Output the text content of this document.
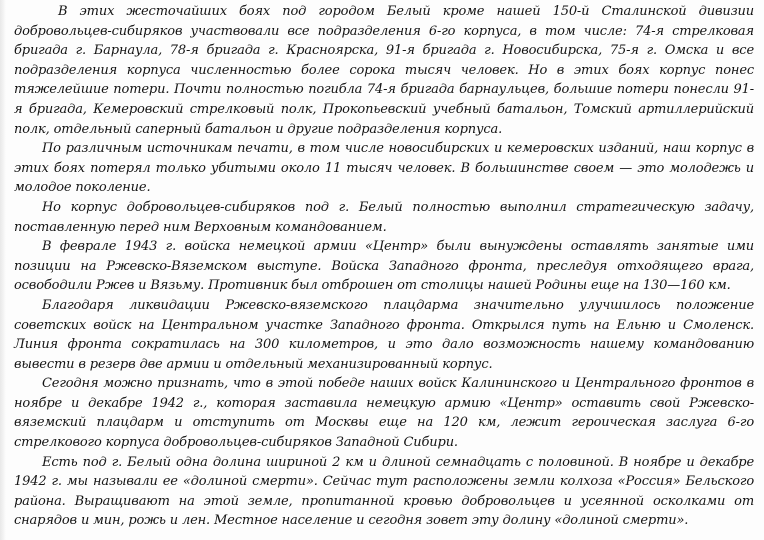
В этих жесточайших боях под городом Белый кроме нашей 150-й Сталинской дивизии добровольцев-сибиряков участвовали все подразделения 6-го корпуса, в том числе: 74-я стрелковая бригада г. Барнаула, 78-я бригада г. Красноярска, 91-я бригада г. Новосибирска, 75-я г. Омска и все подразделения корпуса численностью более сорока тысяч человек. Но в этих боях корпус понес тяжелейшие потери. Почти полностью погибла 74-я бригада барнаульцев, большие потери понесли 91-я бригада, Кемеровский стрелковый полк, Прокопьевский учебный батальон, Томский артиллерийский полк, отдельный саперный батальон и другие подразделения корпуса.

По различным источникам печати, в том числе новосибирских и кемеровских изданий, наш корпус в этих боях потерял только убитыми около 11 тысяч человек. В большинстве своем — это молодежь и молодое поколение.

Но корпус добровольцев-сибиряков под г. Белый полностью выполнил стратегическую задачу, поставленную перед ним Верховным командованием.

В феврале 1943 г. войска немецкой армии «Центр» были вынуждены оставлять занятые ими позиции на Ржевско-Вяземском выступе. Войска Западного фронта, преследуя отходящего врага, освободили Ржев и Вязьму. Противник был отброшен от столицы нашей Родины еще на 130—160 км.

Благодаря ликвидации Ржевско-вяземского плацдарма значительно улучшилось положение советских войск на Центральном участке Западного фронта. Открылся путь на Ельню и Смоленск. Линия фронта сократилась на 300 километров, и это дало возможность нашему командованию вывести в резерв две армии и отдельный механизированный корпус.

Сегодня можно признать, что в этой победе наших войск Калининского и Центрального фронтов в ноябре и декабре 1942 г., которая заставила немецкую армию «Центр» оставить свой Ржевско-вяземский плацдарм и отступить от Москвы еще на 120 км, лежит героическая заслуга 6-го стрелкового корпуса добровольцев-сибиряков Западной Сибири.

Есть под г. Белый одна долина шириной 2 км и длиной семнадцать с половиной. В ноябре и декабре 1942 г. мы называли ее «долиной смерти». Сейчас тут расположены земли колхоза «Россия» Бельского района. Выращивают на этой земле, пропитанной кровью добровольцев и усеянной осколками от снарядов и мин, рожь и лен. Местное население и сегодня зовет эту долину «долиной смерти».
